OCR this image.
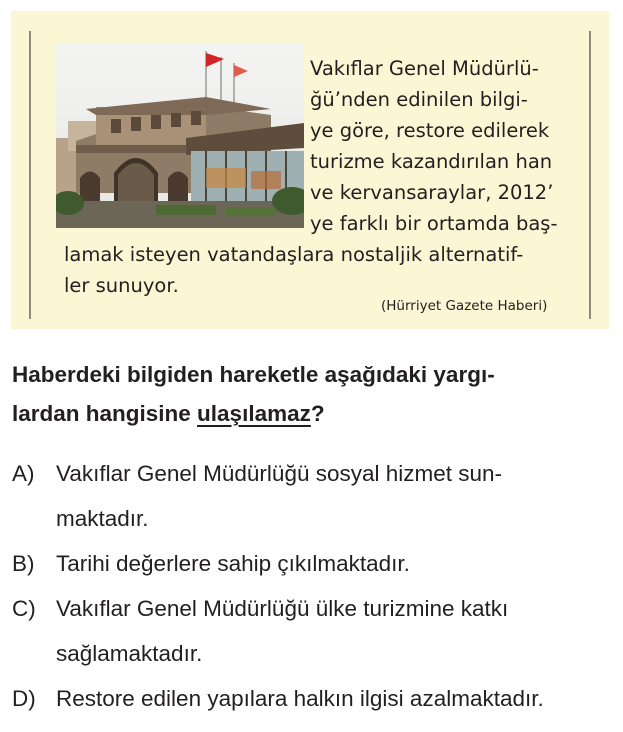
Vakıflar Genel Müdürlü-
ğü’nden edinilen bilgi-
ye göre, restore edilerek
turizme kazandırılan han
ve kervansaraylar, 2012’
ye farklı bir ortamda baş-
lamak isteyen vatandaşlara nostaljik alternatif-
ler sunuyor.
(Hürriyet Gazete Haberi)
Haberdeki bilgiden hareketle aşağıdaki yargı-
lardan hangisine ulaşılamaz?
A) Vakıflar Genel Müdürlüğü sosyal hizmet sun-
maktadır.
B) Tarihi değerlere sahip çıkılmaktadır.
C) Vakıflar Genel Müdürlüğü ülke turizmine katkı
sağlamaktadır.
D) Restore edilen yapılara halkın ilgisi azalmaktadır.
